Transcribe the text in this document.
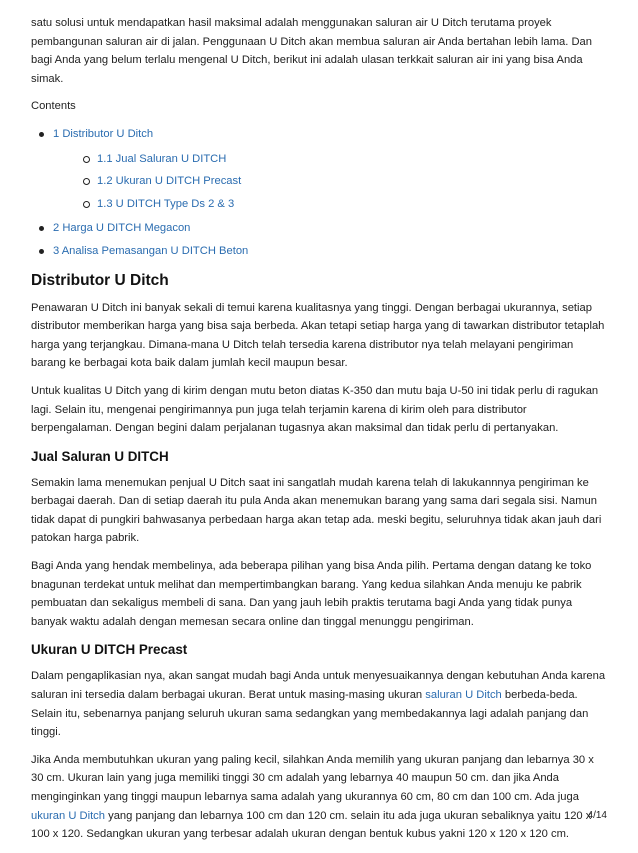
satu solusi untuk mendapatkan hasil maksimal adalah menggunakan saluran air U Ditch terutama proyek pembangunan saluran air di jalan. Penggunaan U Ditch akan membua saluran air Anda bertahan lebih lama. Dan bagi Anda yang belum terlalu mengenal U Ditch, berikut ini adalah ulasan terkkait saluran air ini yang bisa Anda simak.

Contents
1 Distributor U Ditch
1.1 Jual Saluran U DITCH
1.2 Ukuran U DITCH Precast
1.3 U DITCH Type Ds 2 & 3
2 Harga U DITCH Megacon
3 Analisa Pemasangan U DITCH Beton
Distributor U Ditch

Penawaran U Ditch ini banyak sekali di temui karena kualitasnya yang tinggi. Dengan berbagai ukurannya, setiap distributor memberikan harga yang bisa saja berbeda. Akan tetapi setiap harga yang di tawarkan distributor tetaplah harga yang terjangkau. Dimana-mana U Ditch telah tersedia karena distributor nya telah melayani pengiriman barang ke berbagai kota baik dalam jumlah kecil maupun besar.

Untuk kualitas U Ditch yang di kirim dengan mutu beton diatas K-350 dan mutu baja U-50 ini tidak perlu di ragukan lagi. Selain itu, mengenai pengirimannya pun juga telah terjamin karena di kirim oleh para distributor berpengalaman. Dengan begini dalam perjalanan tugasnya akan maksimal dan tidak perlu di pertanyakan.

Jual Saluran U DITCH

Semakin lama menemukan penjual U Ditch saat ini sangatlah mudah karena telah di lakukannnya pengiriman ke berbagai daerah. Dan di setiap daerah itu pula Anda akan menemukan barang yang sama dari segala sisi. Namun tidak dapat di pungkiri bahwasanya perbedaan harga akan tetap ada. meski begitu, seluruhnya tidak akan jauh dari patokan harga pabrik.

Bagi Anda yang hendak membelinya, ada beberapa pilihan yang bisa Anda pilih. Pertama dengan datang ke toko bnagunan terdekat untuk melihat dan mempertimbangkan barang. Yang kedua silahkan Anda menuju ke pabrik pembuatan dan sekaligus membeli di sana. Dan yang jauh lebih praktis terutama bagi Anda yang tidak punya banyak waktu adalah dengan memesan secara online dan tinggal menunggu pengiriman.

Ukuran U DITCH Precast

Dalam pengaplikasian nya, akan sangat mudah bagi Anda untuk menyesuaikannya dengan kebutuhan Anda karena saluran ini tersedia dalam berbagai ukuran. Berat untuk masing-masing ukuran saluran U Ditch berbeda-beda. Selain itu, sebenarnya panjang seluruh ukuran sama sedangkan yang membedakannya lagi adalah panjang dan tinggi.

Jika Anda membutuhkan ukuran yang paling kecil, silahkan Anda memilih yang ukuran panjang dan lebarnya 30 x 30 cm. Ukuran lain yang juga memiliki tinggi 30 cm adalah yang lebarnya 40 maupun 50 cm. dan jika Anda menginginkan yang tinggi maupun lebarnya sama adalah yang ukurannya 60 cm, 80 cm dan 100 cm. Ada juga ukuran U Ditch yang panjang dan lebarnya 100 cm dan 120 cm. selain itu ada juga ukuran sebaliknya yaitu 120 x 100 x 120. Sedangkan ukuran yang terbesar adalah ukuran dengan bentuk kubus yakni 120 x 120 x 120 cm.

4/14
